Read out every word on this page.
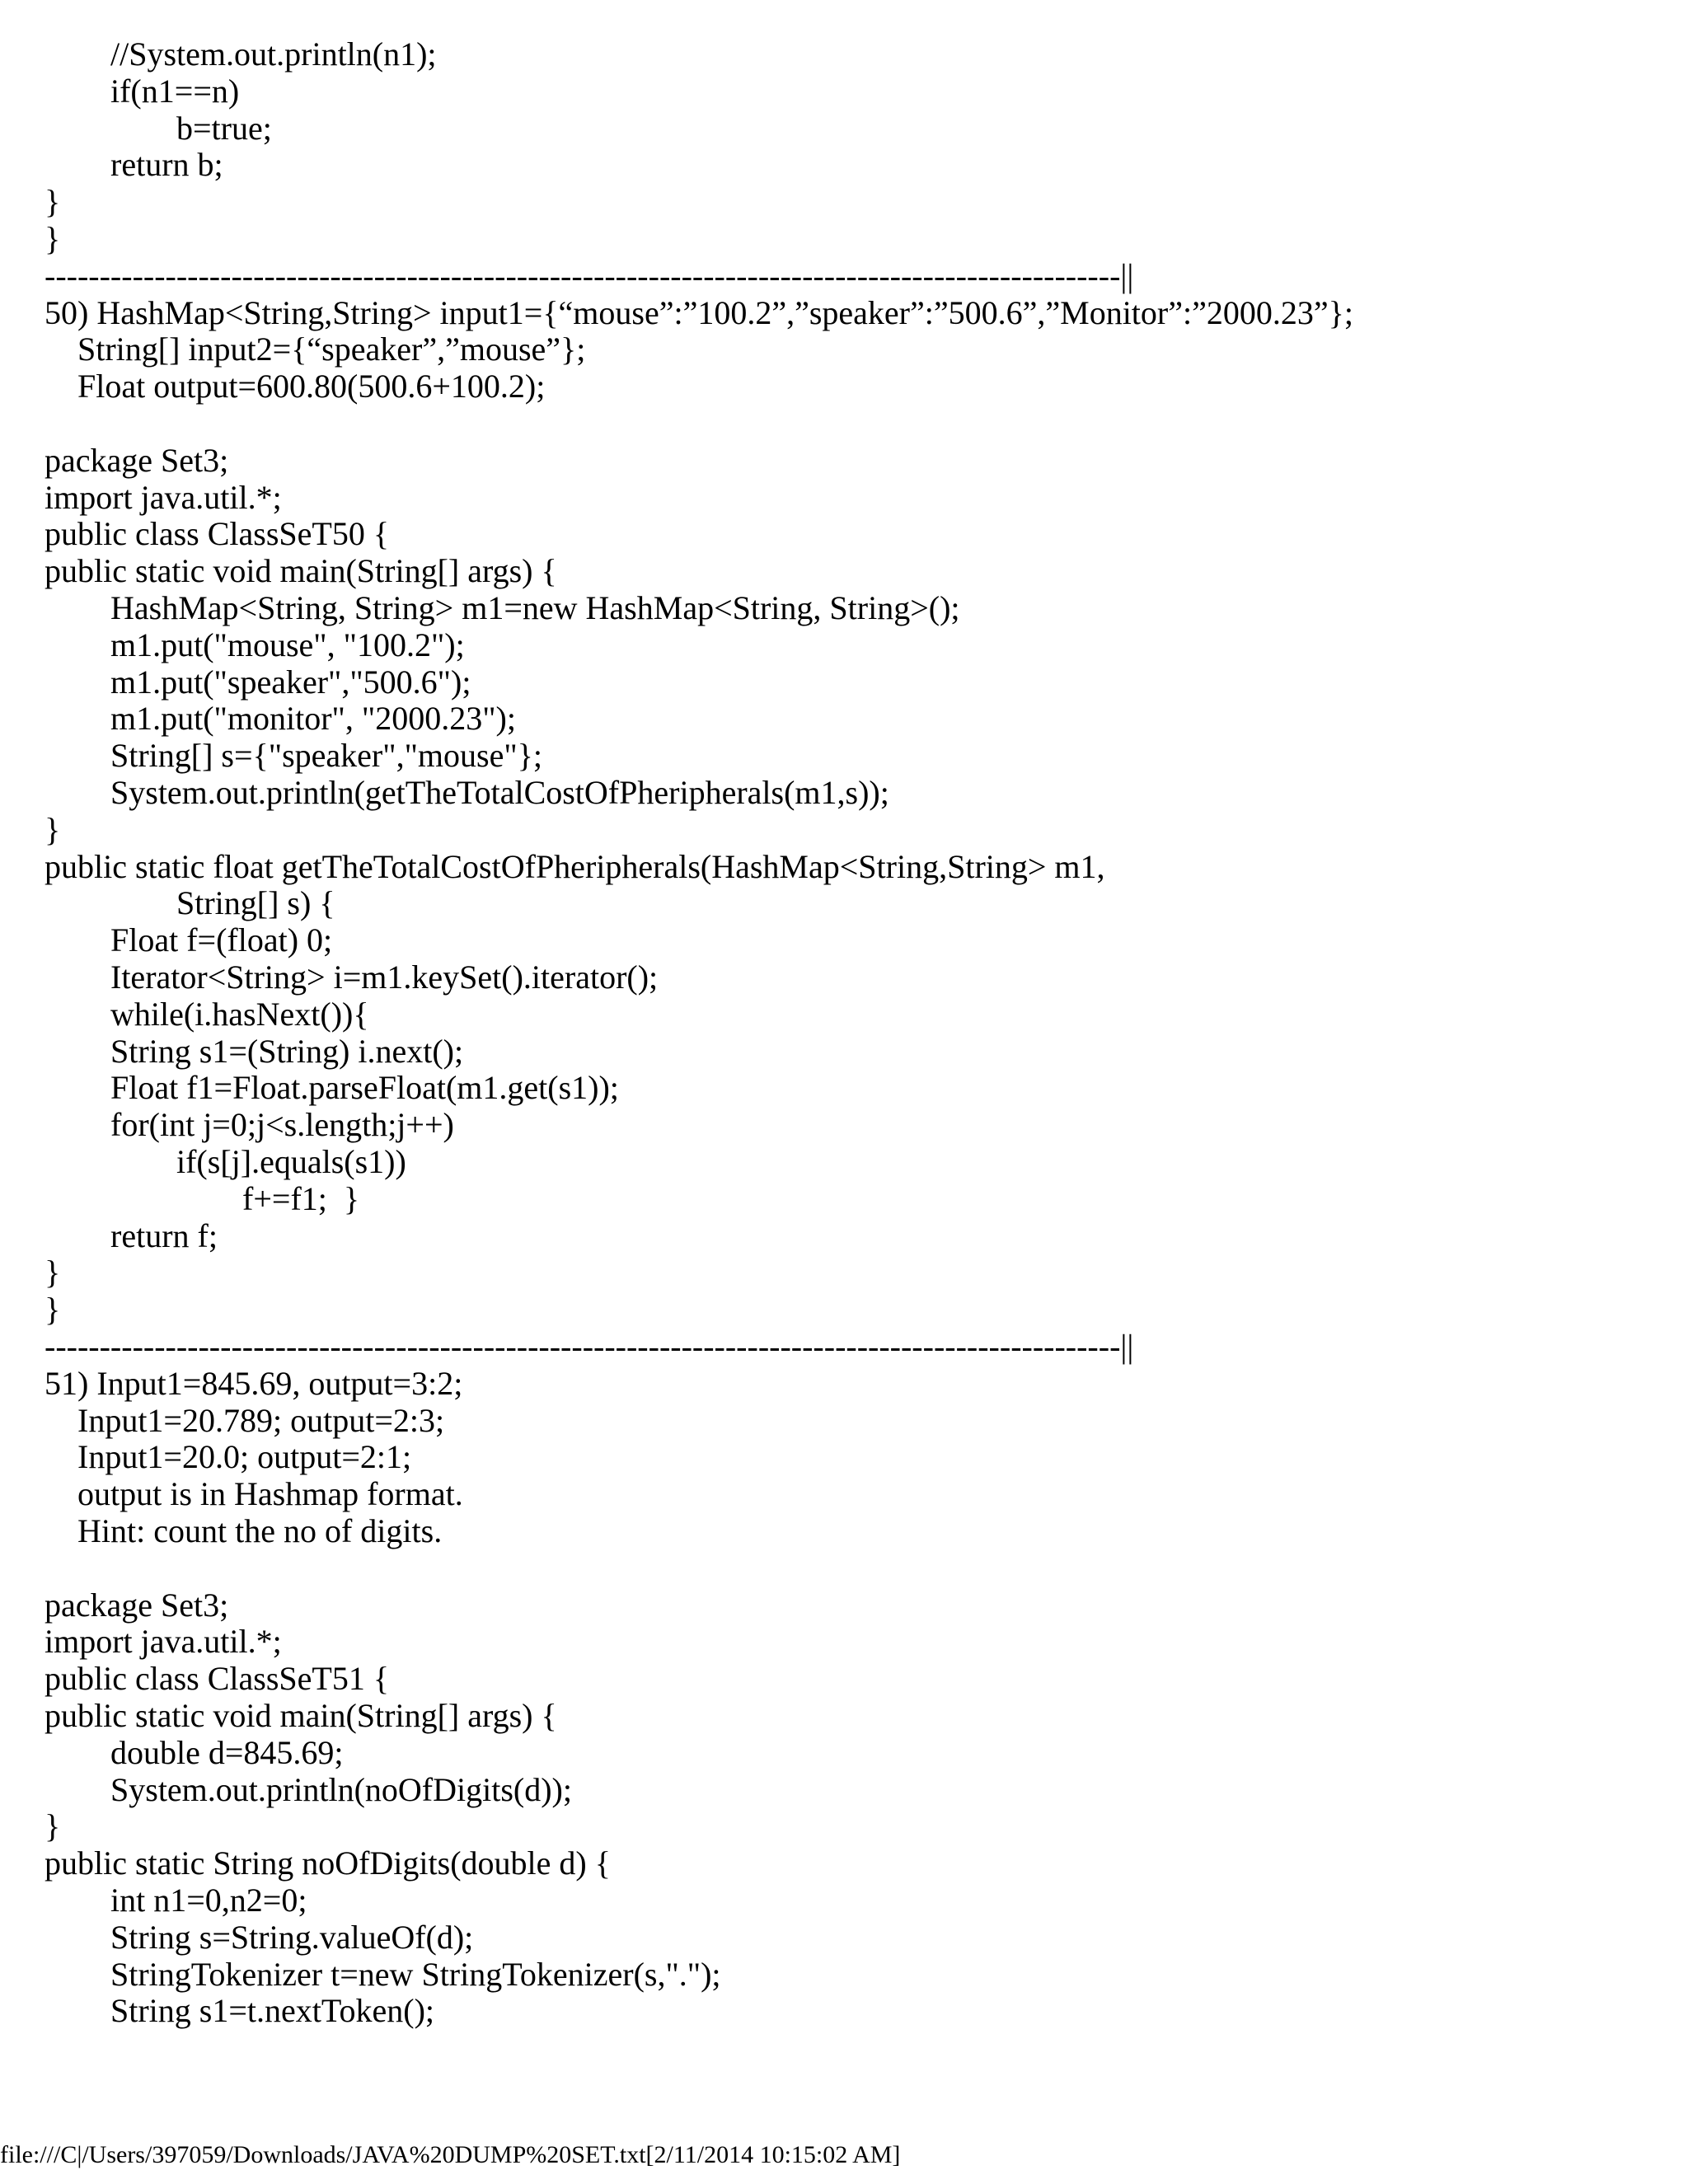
//System.out.println(n1);
if(n1==n)
b=true;
return b;
}
}
--------------------------------------------------------------------------------------------------||
50) HashMap<String,String> input1={“mouse”:”100.2”,”speaker”:”500.6”,”Monitor”:”2000.23”};
String[] input2={“speaker”,”mouse”};
Float output=600.80(500.6+100.2);
package Set3;
import java.util.*;
public class ClassSeT50 {
public static void main(String[] args) {
HashMap<String, String> m1=new HashMap<String, String>();
m1.put("mouse", "100.2");
m1.put("speaker","500.6");
m1.put("monitor", "2000.23");
String[] s={"speaker","mouse"};
System.out.println(getTheTotalCostOfPheripherals(m1,s));
}
public static float getTheTotalCostOfPheripherals(HashMap<String,String> m1,
String[] s) {
Float f=(float) 0;
Iterator<String> i=m1.keySet().iterator();
while(i.hasNext()){
String s1=(String) i.next();
Float f1=Float.parseFloat(m1.get(s1));
for(int j=0;j<s.length;j++)
if(s[j].equals(s1))
f+=f1;  }
return f;
}
}
--------------------------------------------------------------------------------------------------||
51) Input1=845.69, output=3:2;
Input1=20.789; output=2:3;
Input1=20.0; output=2:1;
output is in Hashmap format.
Hint: count the no of digits.
package Set3;
import java.util.*;
public class ClassSeT51 {
public static void main(String[] args) {
double d=845.69;
System.out.println(noOfDigits(d));
}
public static String noOfDigits(double d) {
int n1=0,n2=0;
String s=String.valueOf(d);
StringTokenizer t=new StringTokenizer(s,".");
String s1=t.nextToken();
file:///C|/Users/397059/Downloads/JAVA%20DUMP%20SET.txt[2/11/2014 10:15:02 AM]
